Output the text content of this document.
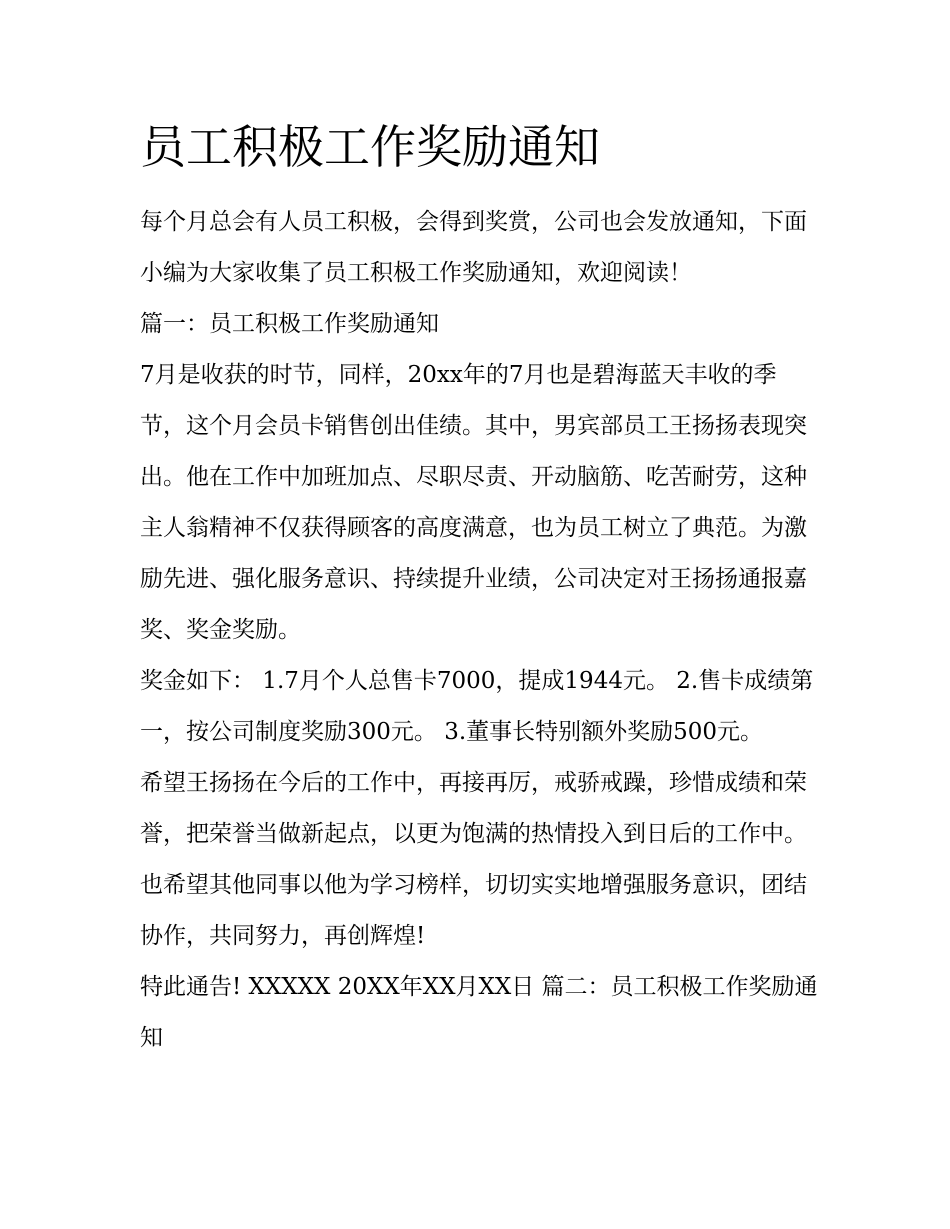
员工积极工作奖励通知

每个月总会有人员工积极，会得到奖赏，公司也会发放通知，下面小编为大家收集了员工积极工作奖励通知，欢迎阅读！

篇一：员工积极工作奖励通知

7月是收获的时节，同样，20xx年的7月也是碧海蓝天丰收的季节，这个月会员卡销售创出佳绩。其中，男宾部员工王扬扬表现突出。他在工作中加班加点、尽职尽责、开动脑筋、吃苦耐劳，这种主人翁精神不仅获得顾客的高度满意，也为员工树立了典范。为激励先进、强化服务意识、持续提升业绩，公司决定对王扬扬通报嘉奖、奖金奖励。

奖金如下： 1.7月个人总售卡7000，提成1944元。 2.售卡成绩第一，按公司制度奖励300元。 3.董事长特别额外奖励500元。

希望王扬扬在今后的工作中，再接再厉，戒骄戒躁，珍惜成绩和荣誉，把荣誉当做新起点，以更为饱满的热情投入到日后的工作中。也希望其他同事以他为学习榜样，切切实实地增强服务意识，团结协作，共同努力，再创辉煌!

特此通告! XXXXX 20XX年XX月XX日 篇二：员工积极工作奖励通知
